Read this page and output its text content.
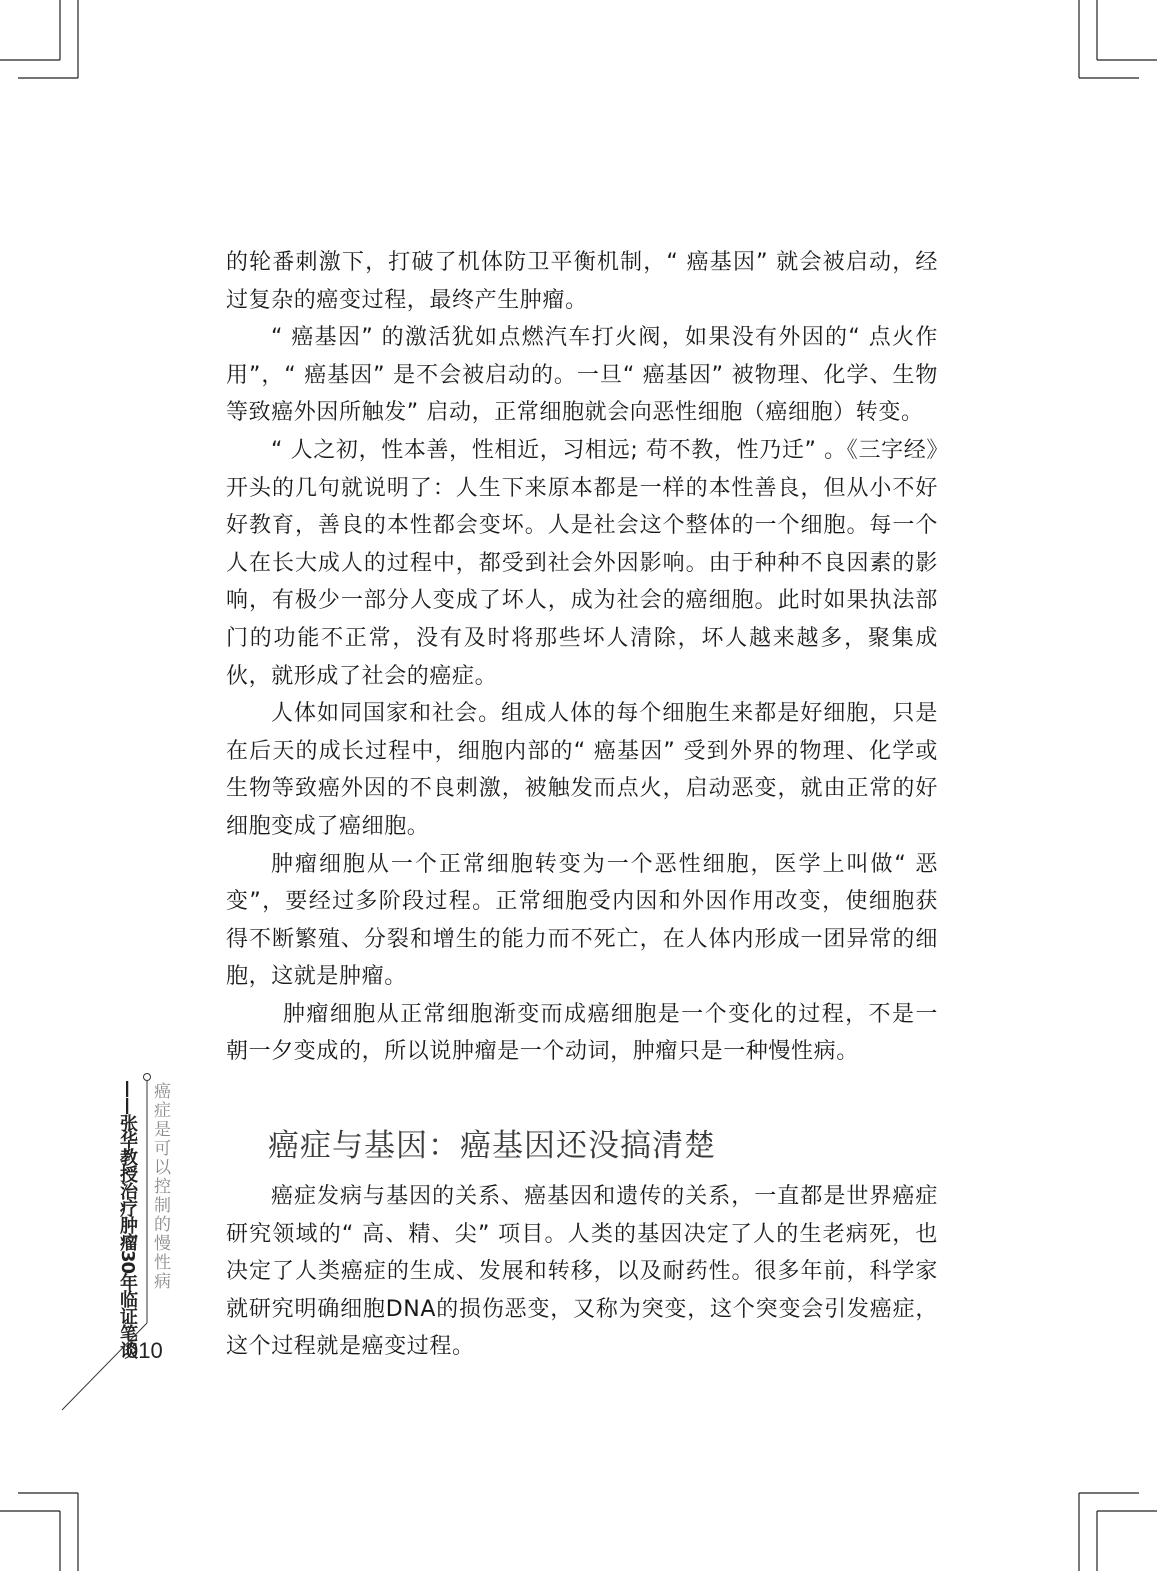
的轮番刺激下，打破了机体防卫平衡机制，“ 癌基因” 就会被启动，经过复杂的癌变过程，最终产生肿瘤。

“ 癌基因” 的激活犹如点燃汽车打火阀，如果没有外因的“ 点火作用”，“ 癌基因” 是不会被启动的。一旦“ 癌基因” 被物理、化学、生物等致癌外因所触发” 启动，正常细胞就会向恶性细胞（癌细胞）转变。

“ 人之初，性本善，性相近，习相远; 苟不教，性乃迁” 。《三字经》开头的几句就说明了：人生下来原本都是一样的本性善良，但从小不好好教育，善良的本性都会变坏。人是社会这个整体的一个细胞。每一个人在长大成人的过程中，都受到社会外因影响。由于种种不良因素的影响，有极少一部分人变成了坏人，成为社会的癌细胞。此时如果执法部门的功能不正常，没有及时将那些坏人清除，坏人越来越多，聚集成伙，就形成了社会的癌症。

人体如同国家和社会。组成人体的每个细胞生来都是好细胞，只是在后天的成长过程中，细胞内部的“ 癌基因” 受到外界的物理、化学或生物等致癌外因的不良刺激，被触发而点火，启动恶变，就由正常的好细胞变成了癌细胞。

肿瘤细胞从一个正常细胞转变为一个恶性细胞，医学上叫做“ 恶变”，要经过多阶段过程。正常细胞受内因和外因作用改变，使细胞获得不断繁殖、分裂和增生的能力而不死亡，在人体内形成一团异常的细胞，这就是肿瘤。

肿瘤细胞从正常细胞渐变而成癌细胞是一个变化的过程，不是一朝一夕变成的，所以说肿瘤是一个动词，肿瘤只是一种慢性病。

癌症与基因：癌基因还没搞清楚

癌症发病与基因的关系、癌基因和遗传的关系，一直都是世界癌症研究领域的“ 高、精、尖” 项目。人类的基因决定了人的生老病死，也决定了人类癌症的生成、发展和转移，以及耐药性。很多年前，科学家就研究明确细胞DNA的损伤恶变，又称为突变，这个突变会引发癌症，这个过程就是癌变过程。

——张华教授治疗肿瘤30年临证笔谈 癌症是可以控制的慢性病
010
